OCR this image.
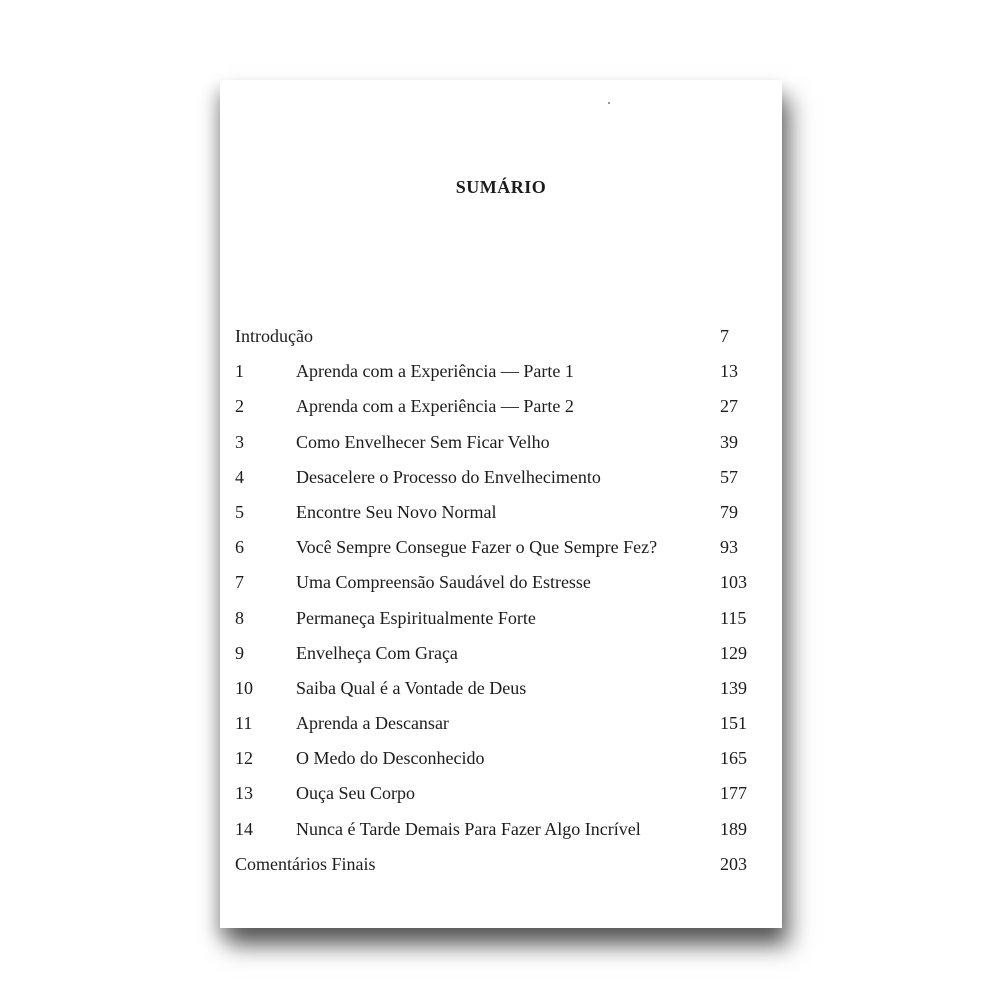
SUMÁRIO
Introdução	7
1	Aprenda com a Experiência — Parte 1	13
2	Aprenda com a Experiência — Parte 2	27
3	Como Envelhecer Sem Ficar Velho	39
4	Desacelere o Processo do Envelhecimento	57
5	Encontre Seu Novo Normal	79
6	Você Sempre Consegue Fazer o Que Sempre Fez?	93
7	Uma Compreensão Saudável do Estresse	103
8	Permaneça Espiritualmente Forte	115
9	Envelheça Com Graça	129
10 Saiba Qual é a Vontade de Deus	139
11 Aprenda a Descansar	151
12 O Medo do Desconhecido	165
13 Ouça Seu Corpo	177
14 Nunca é Tarde Demais Para Fazer Algo Incrível	189
Comentários Finais	203
